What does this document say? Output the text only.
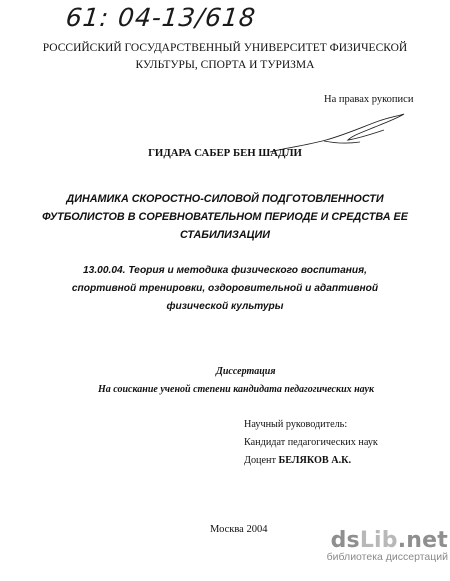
61: 04-13/618
РОССИЙСКИЙ ГОСУДАРСТВЕННЫЙ УНИВЕРСИТЕТ ФИЗИЧЕСКОЙ
КУЛЬТУРЫ, СПОРТА И ТУРИЗМА
На правах рукописи
ГИДАРА САБЕР БЕН ШАДЛИ
ДИНАМИКА СКОРОСТНО-СИЛОВОЙ ПОДГОТОВЛЕННОСТИ
ФУТБОЛИСТОВ В СОРЕВНОВАТЕЛЬНОМ ПЕРИОДЕ И СРЕДСТВА ЕЕ
СТАБИЛИЗАЦИИ
13.00.04. Теория и методика физического воспитания,
спортивной тренировки, оздоровительной и адаптивной
физической культуры
Диссертация
На соискание ученой степени кандидата педагогических наук
Научный руководитель:
Кандидат педагогических наук
Доцент БЕЛЯКОВ А.К.
Москва 2004	dsLib.net
библиотека диссертаций
